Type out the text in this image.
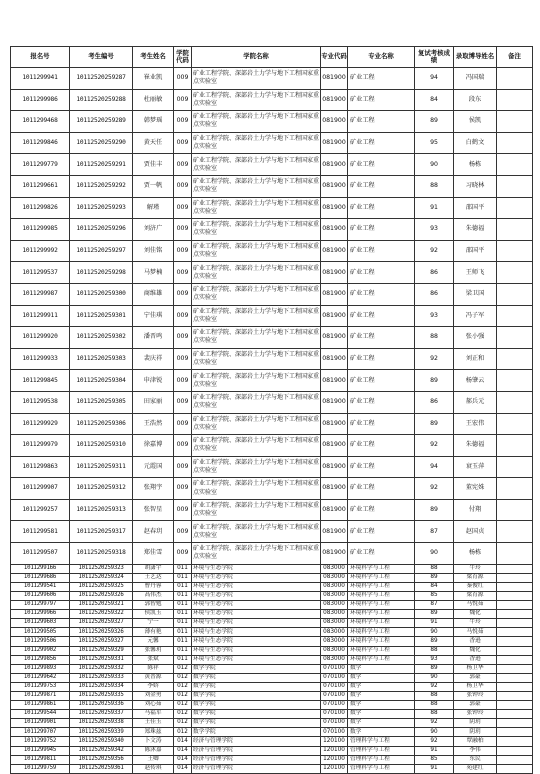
报名号	考生编号	考生姓名	学院代码	学院名称	专业代码	专业名称	复试考核成绩	录取博导姓名	备注
1011299941	10112520259287	崔业凯	009	矿业工程学院、深部岩土力学与地下工程国家重点实验室	081900	矿业工程	94	冯国瑞	
1011299986	10112520259288	杜丽敏	009	矿业工程学院、深部岩土力学与地下工程国家重点实验室	081900	矿业工程	84	段东	
1011299468	10112520259289	韩梦瑶	009	矿业工程学院、深部岩土力学与地下工程国家重点实验室	081900	矿业工程	89	侯凯	
1011299846	10112520259290	黄天任	009	矿业工程学院、深部岩土力学与地下工程国家重点实验室	081900	矿业工程	95	白鹤文	
1011299779	10112520259291	贾佳丰	009	矿业工程学院、深部岩土力学与地下工程国家重点实验室	081900	矿业工程	90	杨栋	
1011299661	10112520259292	贾一帆	009	矿业工程学院、深部岩土力学与地下工程国家重点实验室	081900	矿业工程	88	习晓林	
1011299826	10112520259293	解瑾	009	矿业工程学院、深部岩土力学与地下工程国家重点实验室	081900	矿业工程	91	邵国平	
1011299985	10112520259296	刘济广	009	矿业工程学院、深部岩土力学与地下工程国家重点实验室	081900	矿业工程	93	朱德福	
1011299992	10112520259297	刘佳铭	009	矿业工程学院、深部岩土力学与地下工程国家重点实验室	081900	矿业工程	92	邵国平	
1011299537	10112520259298	马梦楠	009	矿业工程学院、深部岩土力学与地下工程国家重点实验室	081900	矿业工程	86	王师飞	
1011299987	10112520259300	商维雄	009	矿业工程学院、深部岩土力学与地下工程国家重点实验室	081900	矿业工程	86	梁卫国	
1011299911	10112520259301	宁佳琪	009	矿业工程学院、深部岩土力学与地下工程国家重点实验室	081900	矿业工程	93	冯子军	
1011299920	10112520259302	潘晋鸣	009	矿业工程学院、深部岩土力学与地下工程国家重点实验室	081900	矿业工程	88	张小强	
1011299933	10112520259303	裴庆祥	009	矿业工程学院、深部岩土力学与地下工程国家重点实验室	081900	矿业工程	92	刘正和	
1011299845	10112520259304	申津锐	009	矿业工程学院、深部岩土力学与地下工程国家重点实验室	081900	矿业工程	89	杨肇云	
1011299538	10112520259305	田家丽	009	矿业工程学院、深部岩土力学与地下工程国家重点实验室	081900	矿业工程	86	郝兵元	
1011299929	10112520259306	王浩然	009	矿业工程学院、深部岩土力学与地下工程国家重点实验室	081900	矿业工程	89	王宏伟	
1011299979	10112520259310	徐嘉博	009	矿业工程学院、深部岩土力学与地下工程国家重点实验室	081900	矿业工程	92	朱德福	
1011299863	10112520259311	元霞国	009	矿业工程学院、深部岩土力学与地下工程国家重点实验室	081900	矿业工程	94	衰玉萍	
1011299907	10112520259312	张翔宇	009	矿业工程学院、深部岩土力学与地下工程国家重点实验室	081900	矿业工程	92	董宪姝	
1011299257	10112520259313	张智星	009	矿业工程学院、深部岩土力学与地下工程国家重点实验室	081900	矿业工程	89	付翔	
1011299581	10112520259317	赵春玥	009	矿业工程学院、深部岩土力学与地下工程国家重点实验室	081900	矿业工程	87	赵国贞	
1011299507	10112520259318	郑佳雪	009	矿业工程学院、深部岩土力学与地下工程国家重点实验室	081900	矿业工程	90	杨栋	
1011299166	10112520259323	胡潇宇	011	环境与生态学院	083000	环境科学与工程	88	牛玲	
1011299686	10112520259324	王艺达	011	环境与生态学院	083000	环境科学与工程	89	梁育源	
1011299541	10112520259325	曹丹蓉	011	环境与生态学院	083000	环境科学与工程	84	秦俊红	
1011299606	10112520259326	高伟杰	011	环境与生态学院	083000	环境科学与工程	85	梁育源	
1011299797	10112520259321	郭智勉	011	环境与生态学院	083000	环境科学与工程	87	马悦茹	
1011299966	10112520259322	侯凯玉	011	环境与生态学院	083000	环境科学与工程	89	魏化	
1011299603	10112520259327	宁一	011	环境与生态学院	083000	环境科学与工程	91	牛玲	
1011299505	10112520259326	薄有艳	011	环境与生态学院	083000	环境科学与工程	90	马悦茹	
1011299506	10112520259327	元馨	011	环境与生态学院	083000	环境科学与工程	89	香逊	
1011299902	10112520259329	张馨玥	011	环境与生态学院	083000	环境科学与工程	88	魏化	
1011299856	10112520259331	张斌	011	环境与生态学院	083000	环境科学与工程	93	香逊	
1011299893	10112520259332	陈祥	012	数学学院	070100	数学	89	杨卫华	
1011299642	10112520259333	黄普源	012	数学学院	070100	数学	90	郭豪	
1011299753	10112520259334	李娇	012	数学学院	070100	数学	92	杨卫华	
1011299871	10112520259335	刘金勇	012	数学学院	070100	数学	88	张钟玲	
1011299861	10112520259336	刘心茹	012	数学学院	070100	数学	88	郭豪	
1011299544	10112520259337	马福军	012	数学学院	070100	数学	88	张钟玲	
1011299901	10112520259338	王佳玉	012	数学学院	070100	数学	92	阴玥	
1011299707	10112520259339	郑珠兹	012	数学学院	070100	数学	90	阴玥	
1011299752	10112520259340	卜文涛	014	经济与管理学院	120100	管理科学与工程	92	覃融柏	
1011299945	10112520259342	陈沐嘉	014	经济与管理学院	120100	管理科学与工程	91	李伟	
1011299811	10112520259356	王卿	014	经济与管理学院	120100	管理科学与工程	85	东民	
1011299759	10112520259361	赵传琪	014	经济与管理学院	120100	管理科学与工程	91	苑建红	
